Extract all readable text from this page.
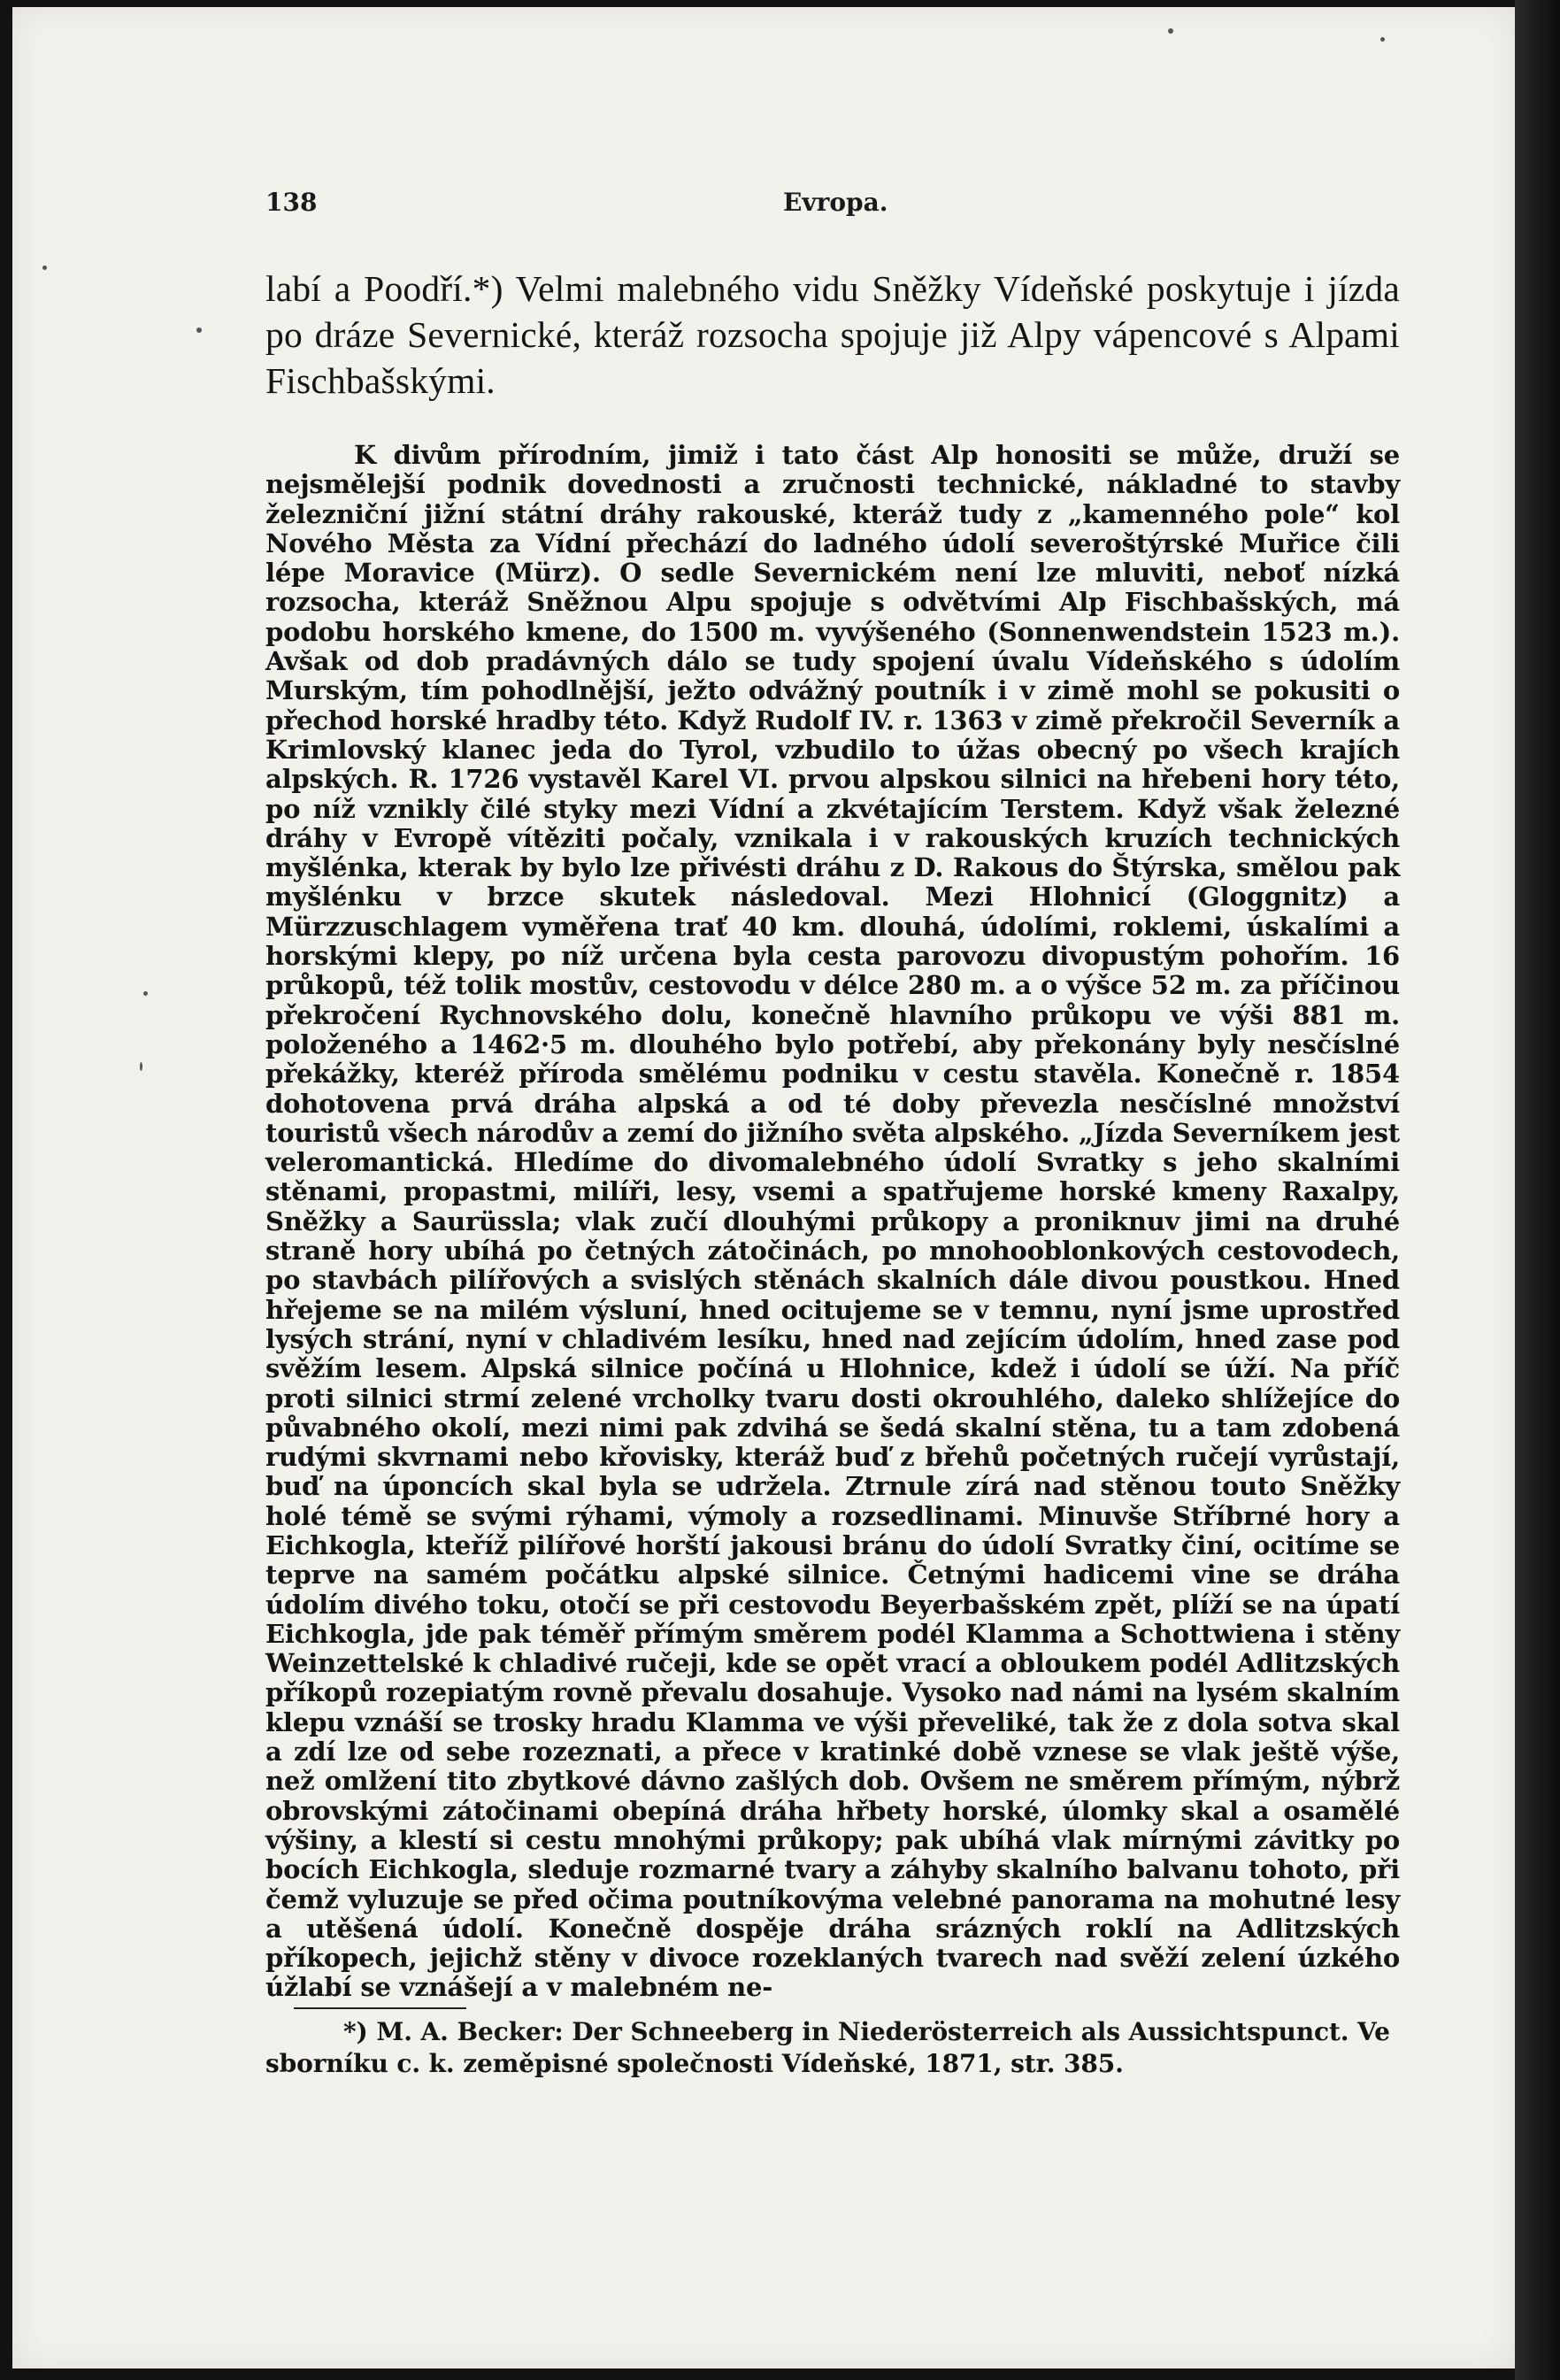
138	Evropa.

labí a Poodří.*) Velmi malebného vidu Sněžky Vídeňské poskytuje i jízda po dráze Severnické, kteráž rozsocha spojuje již Alpy vápencové s Alpami Fischbašskými.

K divům přírodním, jimiž i tato část Alp honositi se může, druží se nejsmělejší podnik dovednosti a zručnosti technické, nákladné to stavby železniční jižní státní dráhy rakouské, kteráž tudy z „kamenného pole“ kol Nového Města za Vídní přechází do ladného údolí severoštýrské Muřice čili lépe Moravice (Mürz). O sedle Severnickém není lze mluviti, neboť nízká rozsocha, kteráž Sněžnou Alpu spojuje s odvětvími Alp Fischbašských, má podobu horského kmene, do 1500 m. vyvýšeného (Sonnenwendstein 1523 m.). Avšak od dob pradávných dálo se tudy spojení úvalu Vídeňského s údolím Murským, tím pohodlnější, ježto odvážný poutník i v zimě mohl se pokusiti o přechod horské hradby této. Když Rudolf IV. r. 1363 v zimě překročil Severník a Krimlovský klanec jeda do Tyrol, vzbudilo to úžas obecný po všech krajích alpských. R. 1726 vystavěl Karel VI. prvou alpskou silnici na hřebeni hory této, po níž vznikly čilé styky mezi Vídní a zkvétajícím Terstem. Když však železné dráhy v Evropě vítěziti počaly, vznikala i v rakouských kruzích technických myšlénka, kterak by bylo lze přivésti dráhu z D. Rakous do Štýrska, smělou pak myšlénku v brzce skutek následoval. Mezi Hlohnicí (Gloggnitz) a Mürzzuschlagem vyměřena trať 40 km. dlouhá, údolími, roklemi, úskalími a horskými klepy, po níž určena byla cesta parovozu divopustým pohořím. 16 průkopů, též tolik mostův, cestovodu v délce 280 m. a o výšce 52 m. za příčinou překročení Rychnovského dolu, konečně hlavního průkopu ve výši 881 m. položeného a 1462·5 m. dlouhého bylo potřebí, aby překonány byly nesčíslné překážky, kteréž příroda smělému podniku v cestu stavěla. Konečně r. 1854 dohotovena prvá dráha alpská a od té doby převezla nesčíslné množství touristů všech národův a zemí do jižního světa alpského. „Jízda Severníkem jest veleromantická. Hledíme do divomalebného údolí Svratky s jeho skalními stěnami, propastmi, milíři, lesy, vsemi a spatřujeme horské kmeny Raxalpy, Sněžky a Saurüssla; vlak zučí dlouhými průkopy a proniknuv jimi na druhé straně hory ubíhá po četných zátočinách, po mnohooblonkových cestovodech, po stavbách pilířových a svislých stěnách skalních dále divou poustkou. Hned hřejeme se na milém výsluní, hned ocitujeme se v temnu, nyní jsme uprostřed lysých strání, nyní v chladivém lesíku, hned nad zejícím údolím, hned zase pod svěžím lesem. Alpská silnice počíná u Hlohnice, kdež i údolí se úží. Na příč proti silnici strmí zelené vrcholky tvaru dosti okrouhlého, daleko shlížejíce do půvabného okolí, mezi nimi pak zdvihá se šedá skalní stěna, tu a tam zdobená rudými skvrnami nebo křovisky, kteráž buď z břehů početných ručejí vyrůstají, buď na úponcích skal byla se udržela. Ztrnule zírá nad stěnou touto Sněžky holé témě se svými rýhami, výmoly a rozsedlinami. Minuvše Stříbrné hory a Eichkogla, kteříž pilířové horští jakousi bránu do údolí Svratky činí, ocitíme se teprve na samém počátku alpské silnice. Četnými hadicemi vine se dráha údolím divého toku, otočí se při cestovodu Beyerbašském zpět, plíží se na úpatí Eichkogla, jde pak téměř přímým směrem podél Klamma a Schottwiena i stěny Weinzettelské k chladivé ručeji, kde se opět vrací a obloukem podél Adlitzských příkopů rozepiatým rovně převalu dosahuje. Vysoko nad námi na lysém skalním klepu vznáší se trosky hradu Klamma ve výši převeliké, tak že z dola sotva skal a zdí lze od sebe rozeznati, a přece v kratinké době vznese se vlak ještě výše, než omlžení tito zbytkové dávno zašlých dob. Ovšem ne směrem přímým, nýbrž obrovskými zátočinami obepíná dráha hřbety horské, úlomky skal a osamělé výšiny, a klestí si cestu mnohými průkopy; pak ubíhá vlak mírnými závitky po bocích Eichkogla, sleduje rozmarné tvary a záhyby skalního balvanu tohoto, při čemž vyluzuje se před očima poutníkovýma velebné panorama na mohutné lesy a utěšená údolí. Konečně dospěje dráha srázných roklí na Adlitzských příkopech, jejichž stěny v divoce rozeklaných tvarech nad svěží zelení úzkého úžlabí se vznášejí a v malebném ne-

*) M. A. Becker: Der Schneeberg in Niederösterreich als Aussichtspunct. Ve sborníku c. k. zeměpisné společnosti Vídeňské, 1871, str. 385.
